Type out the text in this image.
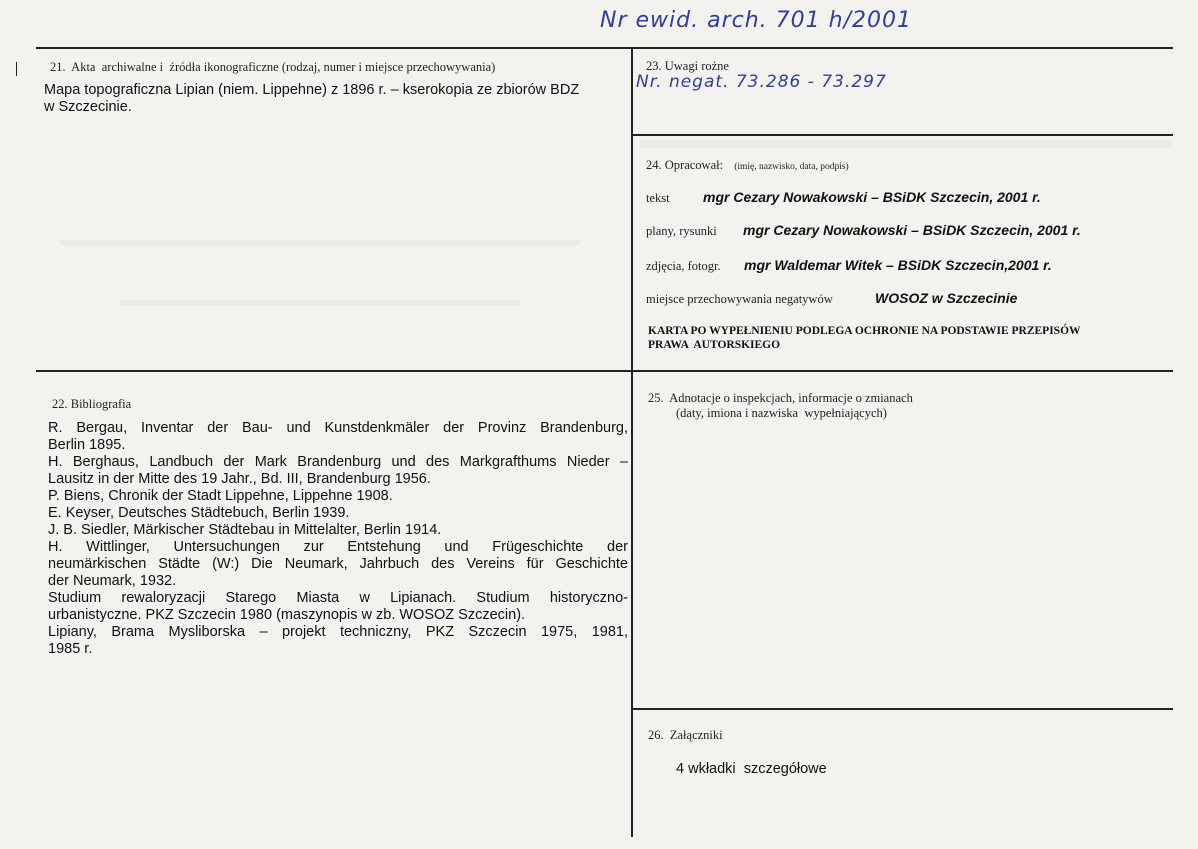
Nr ewid. arch. 701 h/2001
21.  Akta  archiwalne i  źródła ikonograficzne (rodzaj, numer i miejsce przechowywania)
Mapa topograficzna Lipian (niem. Lippehne) z 1896 r. – kserokopia ze zbiorów BDZ
w Szczecinie.
23. Uwagi rożne
Nr. negat. 73.286 - 73.297
24. Opracował: (imię, nazwisko, data, podpis)
tekst mgr Cezary Nowakowski – BSiDK Szczecin, 2001 r.
plany, rysunki mgr Cezary Nowakowski – BSiDK Szczecin, 2001 r.
zdjęcia, fotogr. mgr Waldemar Witek – BSiDK Szczecin,2001 r.
miejsce przechowywania negatywów	WOSOZ w Szczecinie
KARTA PO WYPEŁNIENIU PODLEGA OCHRONIE NA PODSTAWIE PRZEPISÓW
PRAWA  AUTORSKIEGO
22. Bibliografia
R. Bergau, Inventar der Bau- und Kunstdenkmäler der Provinz Brandenburg,
Berlin 1895.
H. Berghaus, Landbuch der Mark Brandenburg und des Markgrafthums Nieder –
Lausitz in der Mitte des 19 Jahr., Bd. III, Brandenburg 1956.
P. Biens, Chronik der Stadt Lippehne, Lippehne 1908.
E. Keyser, Deutsches Städtebuch, Berlin 1939.
J. B. Siedler, Märkischer Städtebau in Mittelalter, Berlin 1914.
H.  Wittlinger,  Untersuchungen  zur  Entstehung  und  Frügeschichte  der
neumärkischen Städte (W:) Die Neumark, Jahrbuch des Vereins für Geschichte
der Neumark, 1932.
Studium  rewaloryzacji  Starego  Miasta  w  Lipianach.  Studium  historyczno-
urbanistyczne. PKZ Szczecin 1980 (maszynopis w zb. WOSOZ Szczecin).
Lipiany, Brama Mysliborska – projekt techniczny, PKZ Szczecin 1975, 1981,
1985 r.
25.  Adnotacje o inspekcjach, informacje o zmianach
(daty, imiona i nazwiska  wypełniających)
26.  Załączniki
4 wkładki  szczegółowe
